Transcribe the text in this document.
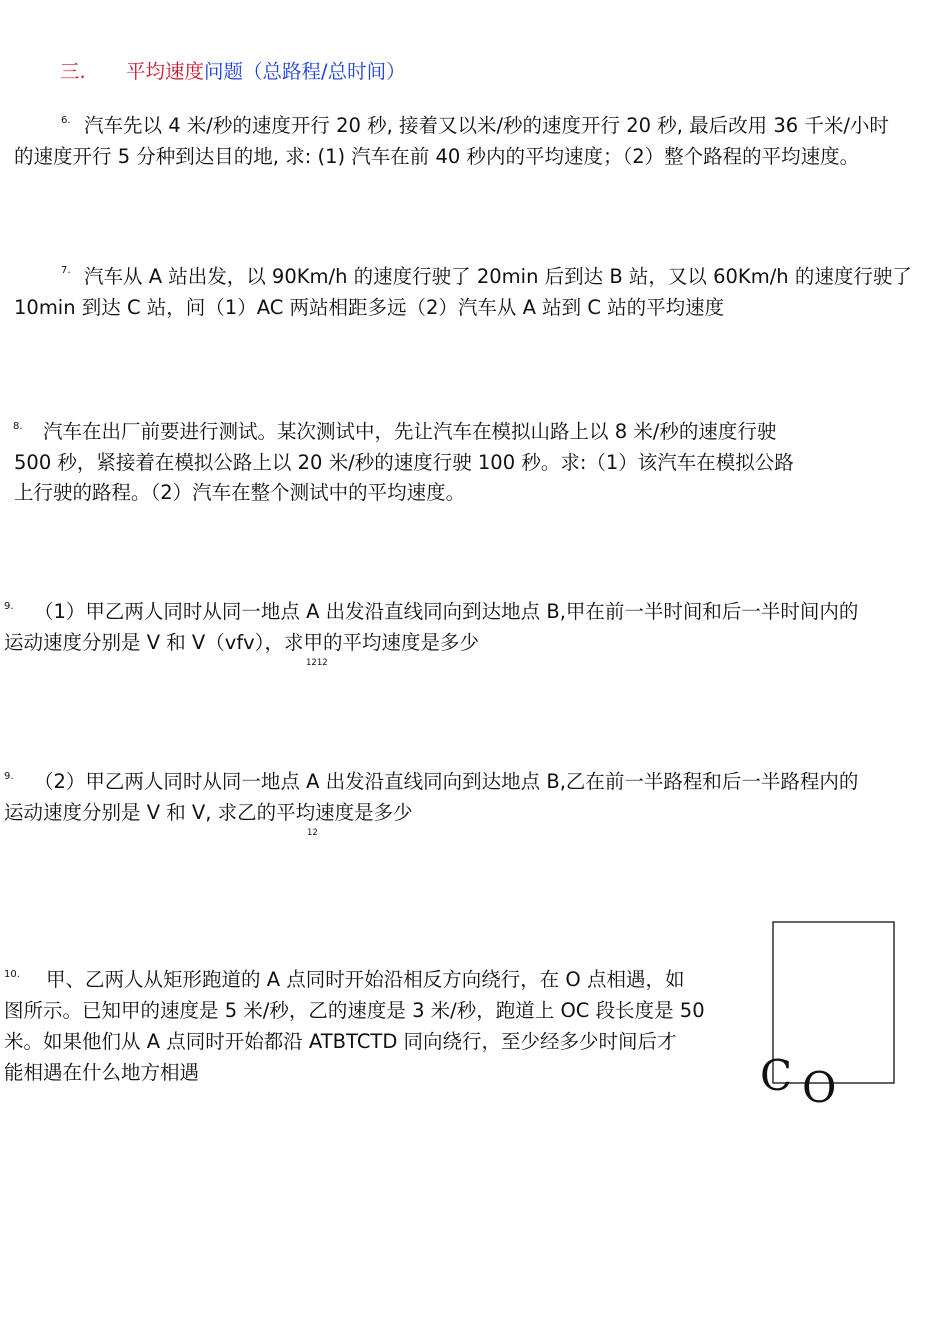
三. 平均速度问题（总路程/总时间）
6. 汽车先以 4 米/秒的速度开行 20 秒, 接着又以米/秒的速度开行 20 秒, 最后改用 36 千米/小时
的速度开行 5 分种到达目的地, 求: (1) 汽车在前 40 秒内的平均速度；（2）整个路程的平均速度。
7. 汽车从 A 站出发，以 90Km/h 的速度行驶了 20min 后到达 B 站，又以 60Km/h 的速度行驶了
10min 到达 C 站，问（1）AC 两站相距多远（2）汽车从 A 站到 C 站的平均速度
8. 汽车在出厂前要进行测试。某次测试中，先让汽车在模拟山路上以 8 米/秒的速度行驶
500 秒，紧接着在模拟公路上以 20 米/秒的速度行驶 100 秒。求:（1）该汽车在模拟公路
上行驶的路程。（2）汽车在整个测试中的平均速度。
9. （1）甲乙两人同时从同一地点 A 出发沿直线同向到达地点 B,甲在前一半时间和后一半时间内的
运动速度分别是 V 和 V（vfv），求甲的平均速度是多少
1212
9. （2）甲乙两人同时从同一地点 A 出发沿直线同向到达地点 B,乙在前一半路程和后一半路程内的
运动速度分别是 V 和 V, 求乙的平均速度是多少
12
10. 甲、乙两人从矩形跑道的 A 点同时开始沿相反方向绕行，在 O 点相遇，如
图所示。已知甲的速度是 5 米/秒，乙的速度是 3 米/秒，跑道上 OC 段长度是 50
米。如果他们从 A 点同时开始都沿 ATBTCTD 同向绕行，至少经多少时间后才
能相遇在什么地方相遇	C O
